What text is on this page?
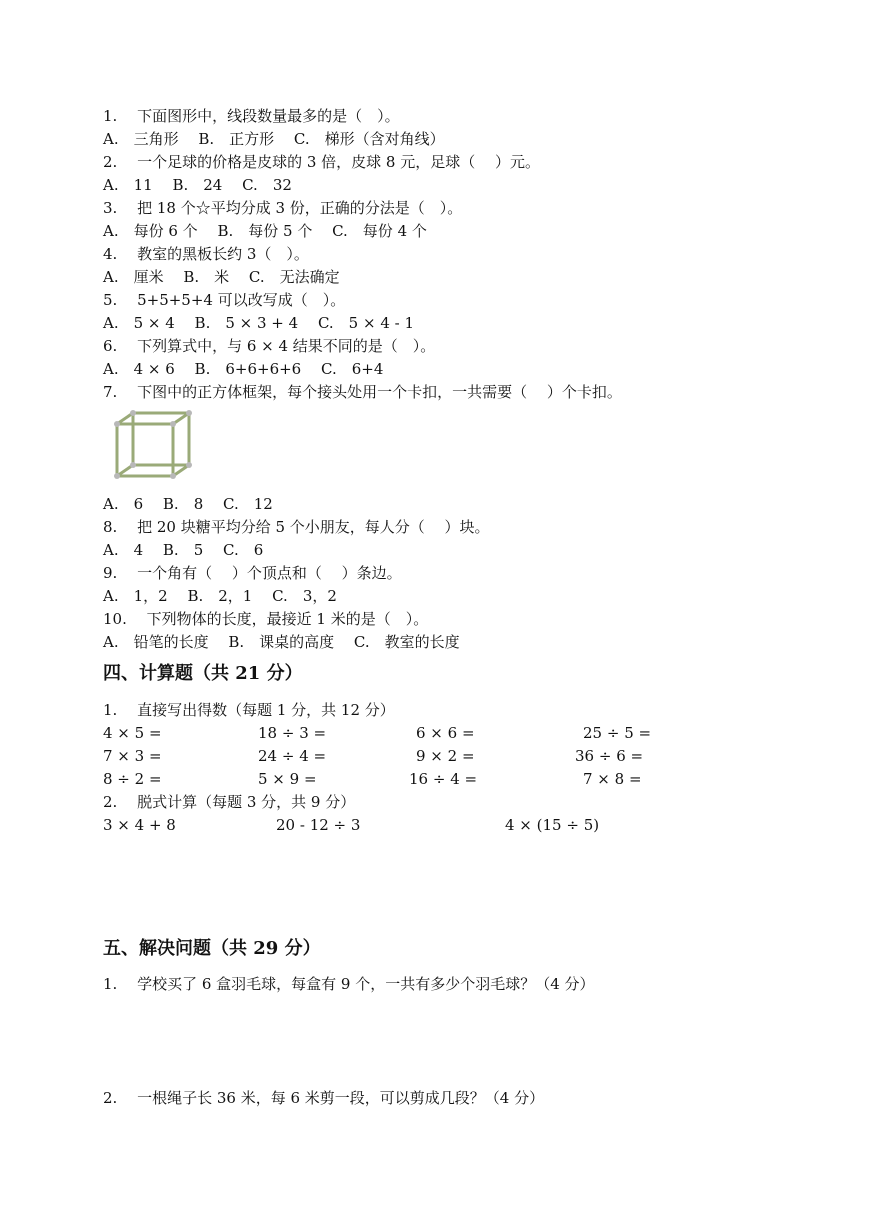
1.　 下面图形中，线段数量最多的是（　）。
A.　三角形　 B.　正方形　 C.　梯形（含对角线）
2.　 一个足球的价格是皮球的 3 倍，皮球 8 元，足球（　 ）元。
A.　11　 B.　24　 C.　32
3.　 把 18 个☆平均分成 3 份，正确的分法是（　）。
A.　每份 6 个　 B.　每份 5 个　 C.　每份 4 个
4.　 教室的黑板长约 3（　）。
A.　厘米　 B.　米　 C.　无法确定
5.　 5+5+5+4 可以改写成（　）。
A.　5 × 4　 B.　5 × 3 + 4　 C.　5 × 4 - 1
6.　 下列算式中，与 6 × 4 结果不同的是（　）。
A.　4 × 6　 B.　6+6+6+6　 C.　6+4
7.　 下图中的正方体框架，每个接头处用一个卡扣，一共需要（　 ）个卡扣。
A.　6　 B.　8　 C.　12
8.　 把 20 块糖平均分给 5 个小朋友，每人分（　 ）块。
A.　4　 B.　5　 C.　6
9.　 一个角有（　 ）个顶点和（　 ）条边。
A.　1，2　 B.　2，1　 C.　3，2
10.　 下列物体的长度，最接近 1 米的是（　）。
A.　铅笔的长度　 B.　课桌的高度　 C.　教室的长度
四、计算题（共 21 分）
1.　 直接写出得数（每题 1 分，共 12 分）
4 × 5 =	18 ÷ 3 =	6 × 6 =	25 ÷ 5 =
7 × 3 =	24 ÷ 4 =	9 × 2 =	36 ÷ 6 =
8 ÷ 2 =	5 × 9 =	16 ÷ 4 =	7 × 8 =
2.　 脱式计算（每题 3 分，共 9 分）
3 × 4 + 8	20 - 12 ÷ 3	4 × (15 ÷ 5)
五、解决问题（共 29 分）
1.　 学校买了 6 盒羽毛球，每盒有 9 个，一共有多少个羽毛球？（4 分）
2.　 一根绳子长 36 米，每 6 米剪一段，可以剪成几段？（4 分）
